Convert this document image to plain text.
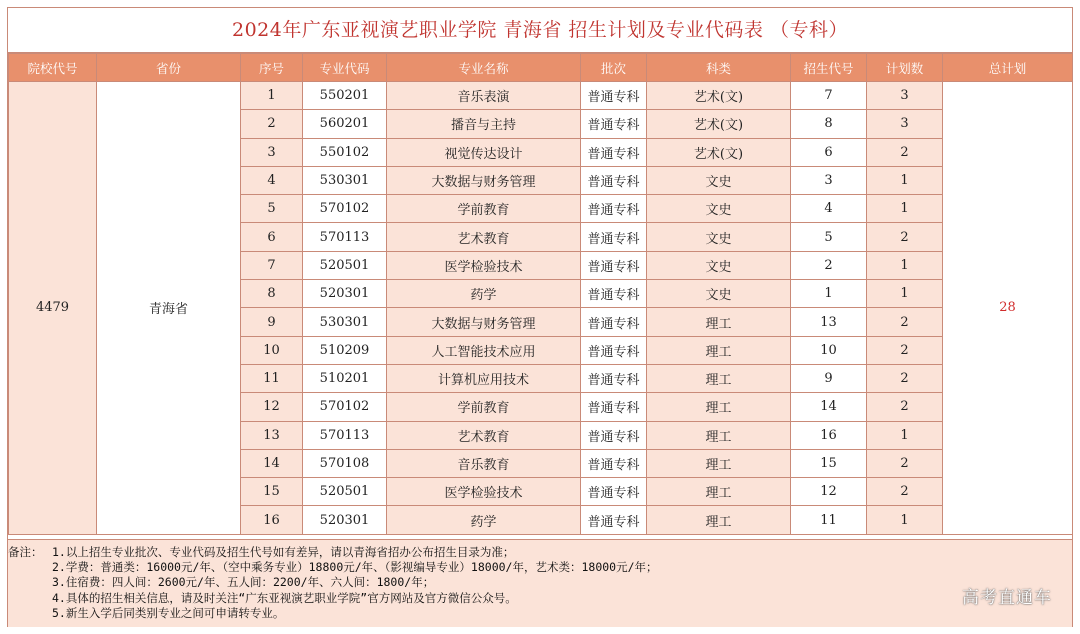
2024年广东亚视演艺职业学院 青海省 招生计划及专业代码表 （专科）
院校代号	省份	序号	专业代码	专业名称	批次	科类	招生代号	计划数	总计划
4479	青海省	1	550201	音乐表演	普通专科	艺术(文)	7	3	28
		2	560201	播音与主持	普通专科	艺术(文)	8	3	
		3	550102	视觉传达设计	普通专科	艺术(文)	6	2	
		4	530301	大数据与财务管理	普通专科	文史	3	1	
		5	570102	学前教育	普通专科	文史	4	1	
		6	570113	艺术教育	普通专科	文史	5	2	
		7	520501	医学检验技术	普通专科	文史	2	1	
		8	520301	药学	普通专科	文史	1	1	
		9	530301	大数据与财务管理	普通专科	理工	13	2	
		10	510209	人工智能技术应用	普通专科	理工	10	2	
		11	510201	计算机应用技术	普通专科	理工	9	2	
		12	570102	学前教育	普通专科	理工	14	2	
		13	570113	艺术教育	普通专科	理工	16	1	
		14	570108	音乐教育	普通专科	理工	15	2	
		15	520501	医学检验技术	普通专科	理工	12	2	
		16	520301	药学	普通专科	理工	11	1	
备注： 1.以上招生专业批次、专业代码及招生代号如有差异，请以青海省招办公布招生目录为准；
2.学费：普通类：16000元/年、（空中乘务专业）18800元/年、（影视编导专业）18000/年，艺术类：18000元/年；
3.住宿费：四人间：2600元/年、五人间：2200/年、六人间：1800/年；
4.具体的招生相关信息，请及时关注“广东亚视演艺职业学院”官方网站及官方微信公众号。
5.新生入学后同类别专业之间可申请转专业。
高考直通车
